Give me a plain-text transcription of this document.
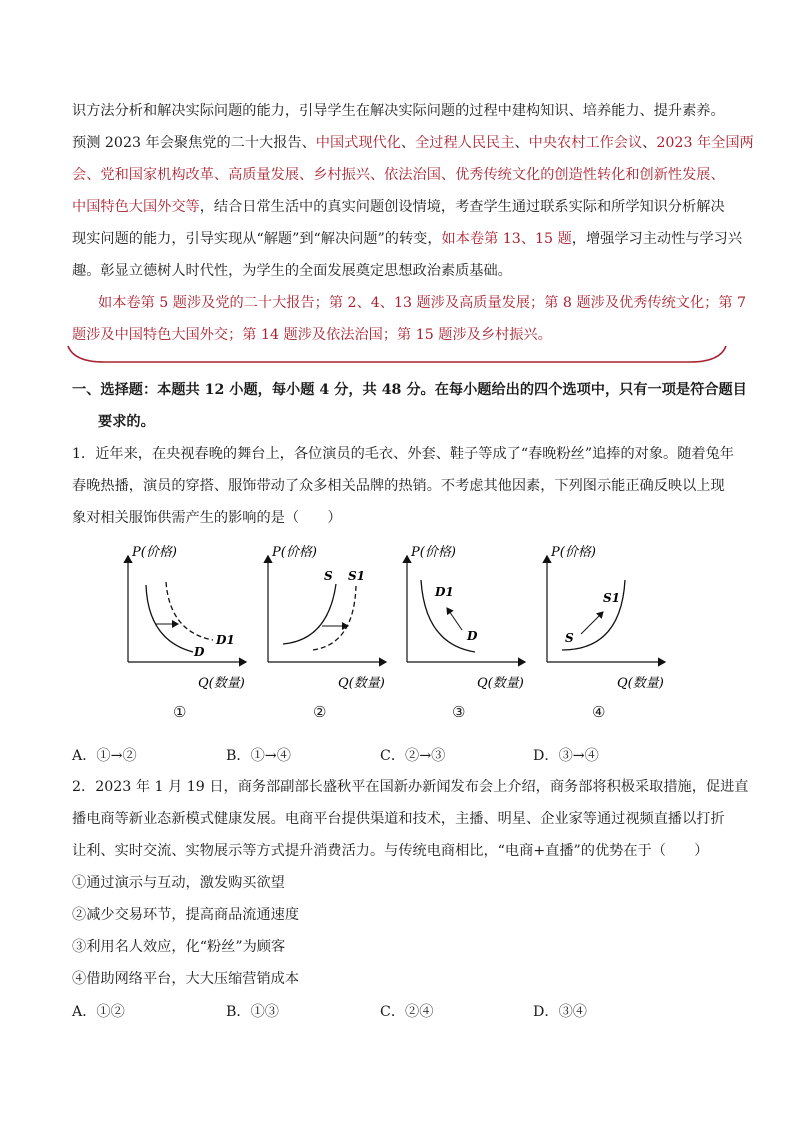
识方法分析和解决实际问题的能力，引导学生在解决实际问题的过程中建构知识、培养能力、提升素养。
预测 2023 年会聚焦党的二十大报告、中国式现代化、全过程人民民主、中央农村工作会议、2023 年全国两
会、党和国家机构改革、高质量发展、乡村振兴、依法治国、优秀传统文化的创造性转化和创新性发展、
中国特色大国外交等，结合日常生活中的真实问题创设情境，考查学生通过联系实际和所学知识分析解决
现实问题的能力，引导实现从“解题”到“解决问题”的转变，如本卷第 13、15 题，增强学习主动性与学习兴
趣。彰显立德树人时代性，为学生的全面发展奠定思想政治素质基础。
如本卷第 5 题涉及党的二十大报告；第 2、4、13 题涉及高质量发展；第 8 题涉及优秀传统文化；第 7
题涉及中国特色大国外交；第 14 题涉及依法治国；第 15 题涉及乡村振兴。
一、选择题：本题共 12 小题，每小题 4 分，共 48 分。在每小题给出的四个选项中，只有一项是符合题目
要求的。
1．近年来，在央视春晚的舞台上，各位演员的毛衣、外套、鞋子等成了“春晚粉丝”追捧的对象。随着兔年
春晚热播，演员的穿搭、服饰带动了众多相关品牌的热销。不考虑其他因素，下列图示能正确反映以上现
象对相关服饰供需产生的影响的是（　　）
P(价格)
D
D1
Q(数量)
①
P(价格)
S S1
Q(数量)
②
P(价格)
D
D1
Q(数量)
③
P(价格)
S
S1
Q(数量)
④
A．①→②	B．①→④	C．②→③	D．③→④
2．2023 年 1 月 19 日，商务部副部长盛秋平在国新办新闻发布会上介绍，商务部将积极采取措施，促进直
播电商等新业态新模式健康发展。电商平台提供渠道和技术，主播、明星、企业家等通过视频直播以打折
让利、实时交流、实物展示等方式提升消费活力。与传统电商相比，“电商+直播”的优势在于（　　）
①通过演示与互动，激发购买欲望
②减少交易环节，提高商品流通速度
③利用名人效应，化“粉丝”为顾客
④借助网络平台，大大压缩营销成本
A．①②	B．①③	C．②④	D．③④
